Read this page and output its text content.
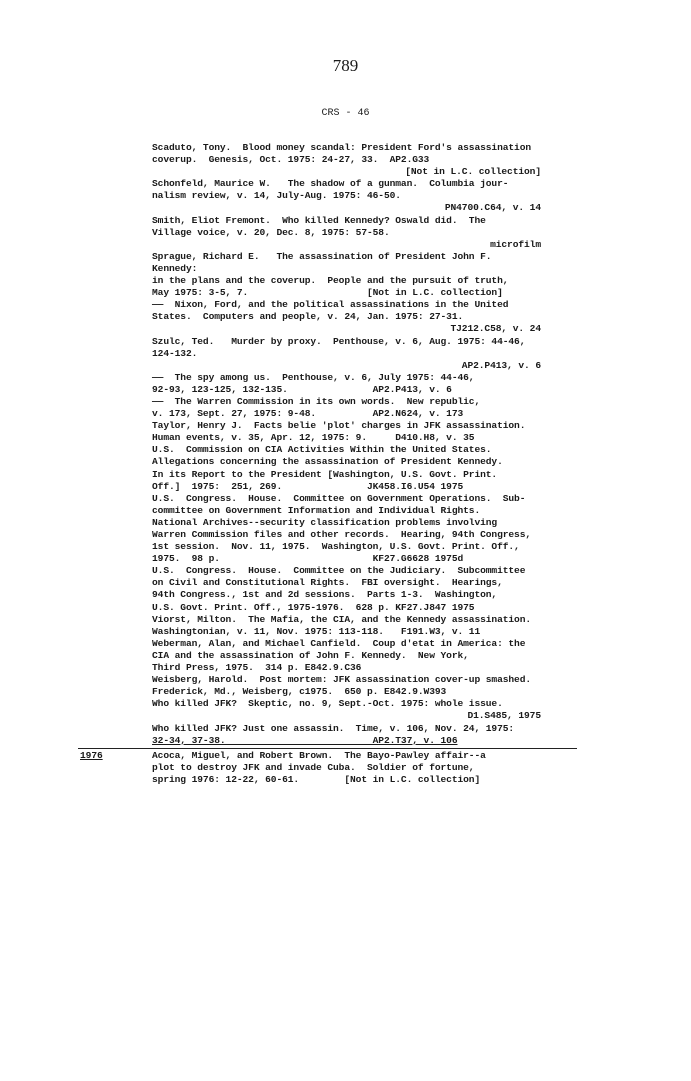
789
CRS - 46
Scaduto, Tony.  Blood money scandal: President Ford's assassination
coverup.  Genesis, Oct. 1975: 24-27, 33.  AP2.G33
[Not in L.C. collection]
Schonfeld, Maurice W.   The shadow of a gunman.  Columbia jour-
nalism review, v. 14, July-Aug. 1975: 46-50.
PN4700.C64, v. 14
Smith, Eliot Fremont.  Who killed Kennedy? Oswald did.  The
Village voice, v. 20, Dec. 8, 1975: 57-58.
microfilm
Sprague, Richard E.   The assassination of President John F. Kennedy:
in the plans and the coverup.  People and the pursuit of truth,
May 1975: 3-5, 7.                     [Not in L.C. collection]
——  Nixon, Ford, and the political assassinations in the United
States.  Computers and people, v. 24, Jan. 1975: 27-31.
TJ212.C58, v. 24
Szulc, Ted.   Murder by proxy.  Penthouse, v. 6, Aug. 1975: 44-46, 124-132.
AP2.P413, v. 6
——  The spy among us.  Penthouse, v. 6, July 1975: 44-46,
92-93, 123-125, 132-135.               AP2.P413, v. 6
——  The Warren Commission in its own words.  New republic,
v. 173, Sept. 27, 1975: 9-48.          AP2.N624, v. 173
Taylor, Henry J.  Facts belie 'plot' charges in JFK assassination.
Human events, v. 35, Apr. 12, 1975: 9.     D410.H8, v. 35
U.S.  Commission on CIA Activities Within the United States.
Allegations concerning the assassination of President Kennedy.
In its Report to the President [Washington, U.S. Govt. Print.
Off.]  1975:  251, 269.               JK458.I6.U54 1975
U.S.  Congress.  House.  Committee on Government Operations.  Sub-
committee on Government Information and Individual Rights.
National Archives--security classification problems involving
Warren Commission files and other records.  Hearing, 94th Congress,
1st session.  Nov. 11, 1975.  Washington, U.S. Govt. Print. Off.,
1975.  98 p.                           KF27.G6628 1975d
U.S.  Congress.  House.  Committee on the Judiciary.  Subcommittee
on Civil and Constitutional Rights.  FBI oversight.  Hearings,
94th Congress., 1st and 2d sessions.  Parts 1-3.  Washington,
U.S. Govt. Print. Off., 1975-1976.  628 p. KF27.J847 1975
Viorst, Milton.  The Mafia, the CIA, and the Kennedy assassination.
Washingtonian, v. 11, Nov. 1975: 113-118.   F191.W3, v. 11
Weberman, Alan, and Michael Canfield.  Coup d'etat in America: the
CIA and the assassination of John F. Kennedy.  New York,
Third Press, 1975.  314 p. E842.9.C36
Weisberg, Harold.  Post mortem: JFK assassination cover-up smashed.
Frederick, Md., Weisberg, c1975.  650 p. E842.9.W393
Who killed JFK?  Skeptic, no. 9, Sept.-Oct. 1975: whole issue.
D1.S485, 1975
Who killed JFK? Just one assassin.  Time, v. 106, Nov. 24, 1975:
32-34, 37-38.                          AP2.T37, v. 106
1976	Acoca, Miguel, and Robert Brown.  The Bayo-Pawley affair--a
plot to destroy JFK and invade Cuba.  Soldier of fortune,
spring 1976: 12-22, 60-61.        [Not in L.C. collection]
